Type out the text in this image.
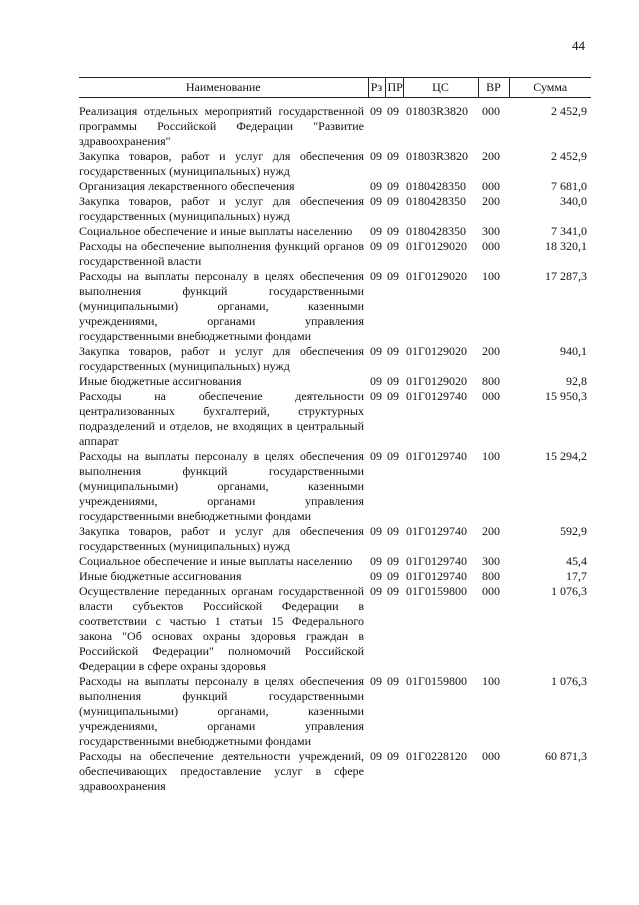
44
Наименование	Рз	ПР	ЦС	ВР	Сумма
Реализация отдельных мероприятий государственной программы Российской Федерации "Развитие здравоохранения"	09	09	01803R3820	000	2 452,9
Закупка товаров, работ и услуг для обеспечения государственных (муниципальных) нужд	09	09	01803R3820	200	2 452,9
Организация лекарственного обеспечения	09	09	0180428350	000	7 681,0
Закупка товаров, работ и услуг для обеспечения государственных (муниципальных) нужд	09	09	0180428350	200	340,0
Социальное обеспечение и иные выплаты населению	09	09	0180428350	300	7 341,0
Расходы на обеспечение выполнения функций органов государственной власти	09	09	01Г0129020	000	18 320,1
Расходы на выплаты персоналу в целях обеспечения выполнения функций государственными (муниципальными) органами, казенными учреждениями, органами управления государственными внебюджетными фондами	09	09	01Г0129020	100	17 287,3
Закупка товаров, работ и услуг для обеспечения государственных (муниципальных) нужд	09	09	01Г0129020	200	940,1
Иные бюджетные ассигнования	09	09	01Г0129020	800	92,8
Расходы на обеспечение деятельности централизованных бухгалтерий, структурных подразделений и отделов, не входящих в центральный аппарат	09	09	01Г0129740	000	15 950,3
Расходы на выплаты персоналу в целях обеспечения выполнения функций государственными (муниципальными) органами, казенными учреждениями, органами управления государственными внебюджетными фондами	09	09	01Г0129740	100	15 294,2
Закупка товаров, работ и услуг для обеспечения государственных (муниципальных) нужд	09	09	01Г0129740	200	592,9
Социальное обеспечение и иные выплаты населению	09	09	01Г0129740	300	45,4
Иные бюджетные ассигнования	09	09	01Г0129740	800	17,7
Осуществление переданных органам государственной власти субъектов Российской Федерации в соответствии с частью 1 статьи 15 Федерального закона "Об основах охраны здоровья граждан в Российской Федерации" полномочий Российской Федерации в сфере охраны здоровья	09	09	01Г0159800	000	1 076,3
Расходы на выплаты персоналу в целях обеспечения выполнения функций государственными (муниципальными) органами, казенными учреждениями, органами управления государственными внебюджетными фондами	09	09	01Г0159800	100	1 076,3
Расходы на обеспечение деятельности учреждений, обеспечивающих предоставление услуг в сфере здравоохранения	09	09	01Г0228120	000	60 871,3
